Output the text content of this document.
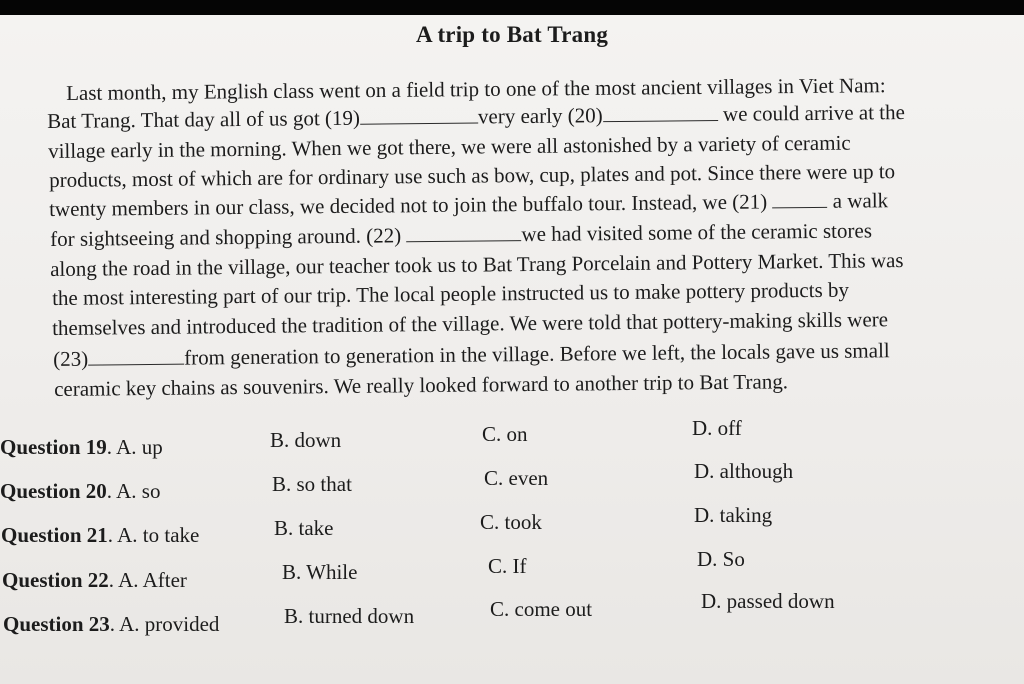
A trip to Bat Trang
Last month, my English class went on a field trip to one of the most ancient villages in Viet Nam:
Bat Trang. That day all of us got (19)	very early (20)	we could arrive at the
village early in the morning. When we got there, we were all astonished by a variety of ceramic
products, most of which are for ordinary use such as bow, cup, plates and pot. Since there were up to
twenty members in our class, we decided not to join the buffalo tour. Instead, we (21)	a walk
for sightseeing and shopping around. (22)	we had visited some of the ceramic stores
along the road in the village, our teacher took us to Bat Trang Porcelain and Pottery Market. This was
the most interesting part of our trip. The local people instructed us to make pottery products by
themselves and introduced the tradition of the village. We were told that pottery-making skills were
(23)	from generation to generation in the village. Before we left, the locals gave us small
ceramic key chains as souvenirs. We really looked forward to another trip to Bat Trang.
Question 19. A. up	B. down	C. on	D. off
Question 20. A. so	B. so that	C. even	D. although
Question 21. A. to take	B. take	C. took	D. taking
Question 22. A. After	B. While	C. If	D. So
Question 23. A. provided	B. turned down	C. come out	D. passed down
